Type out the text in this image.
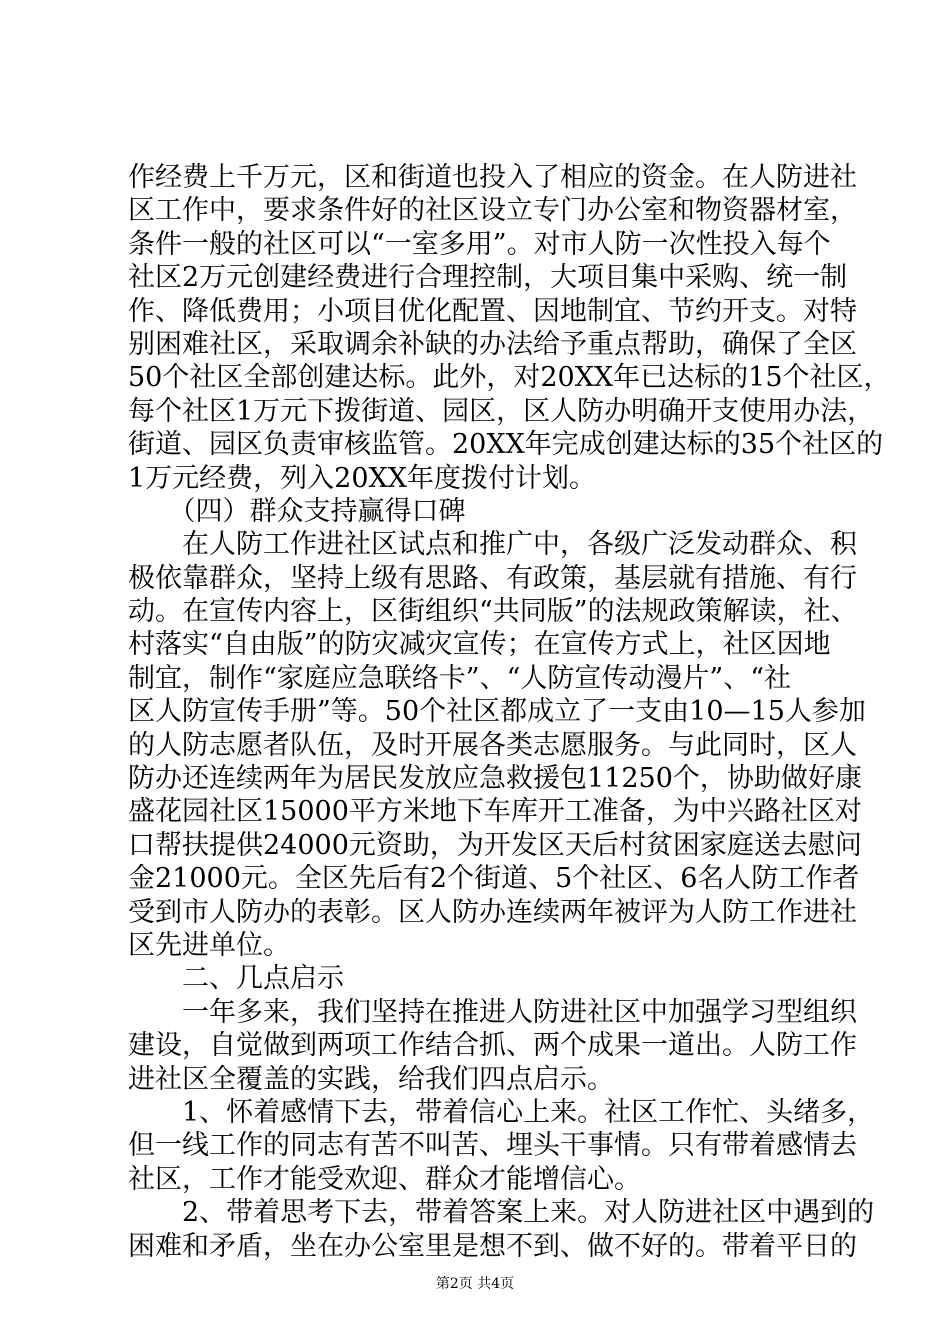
作经费上千万元，区和街道也投入了相应的资金。在人防进社
区工作中，要求条件好的社区设立专门办公室和物资器材室，
条件一般的社区可以“一室多用”。对市人防一次性投入每个
社区2万元创建经费进行合理控制，大项目集中采购、统一制
作、降低费用；小项目优化配置、因地制宜、节约开支。对特
别困难社区，采取调余补缺的办法给予重点帮助，确保了全区
50个社区全部创建达标。此外，对20XX年已达标的15个社区，
每个社区1万元下拨街道、园区，区人防办明确开支使用办法，
街道、园区负责审核监管。20XX年完成创建达标的35个社区的
1万元经费，列入20XX年度拨付计划。
　　（四）群众支持赢得口碑
　　在人防工作进社区试点和推广中，各级广泛发动群众、积
极依靠群众，坚持上级有思路、有政策，基层就有措施、有行
动。在宣传内容上，区街组织“共同版”的法规政策解读，社、
村落实“自由版”的防灾减灾宣传；在宣传方式上，社区因地
制宜，制作“家庭应急联络卡”、“人防宣传动漫片”、“社
区人防宣传手册”等。50个社区都成立了一支由10—15人参加
的人防志愿者队伍，及时开展各类志愿服务。与此同时，区人
防办还连续两年为居民发放应急救援包11250个，协助做好康
盛花园社区15000平方米地下车库开工准备，为中兴路社区对
口帮扶提供24000元资助，为开发区天后村贫困家庭送去慰问
金21000元。全区先后有2个街道、5个社区、6名人防工作者
受到市人防办的表彰。区人防办连续两年被评为人防工作进社
区先进单位。
　　二、几点启示
　　一年多来，我们坚持在推进人防进社区中加强学习型组织
建设，自觉做到两项工作结合抓、两个成果一道出。人防工作
进社区全覆盖的实践，给我们四点启示。
　　1、怀着感情下去，带着信心上来。社区工作忙、头绪多，
但一线工作的同志有苦不叫苦、埋头干事情。只有带着感情去
社区，工作才能受欢迎、群众才能增信心。
　　2、带着思考下去，带着答案上来。对人防进社区中遇到的
困难和矛盾，坐在办公室里是想不到、做不好的。带着平日的
第2页 共4页
